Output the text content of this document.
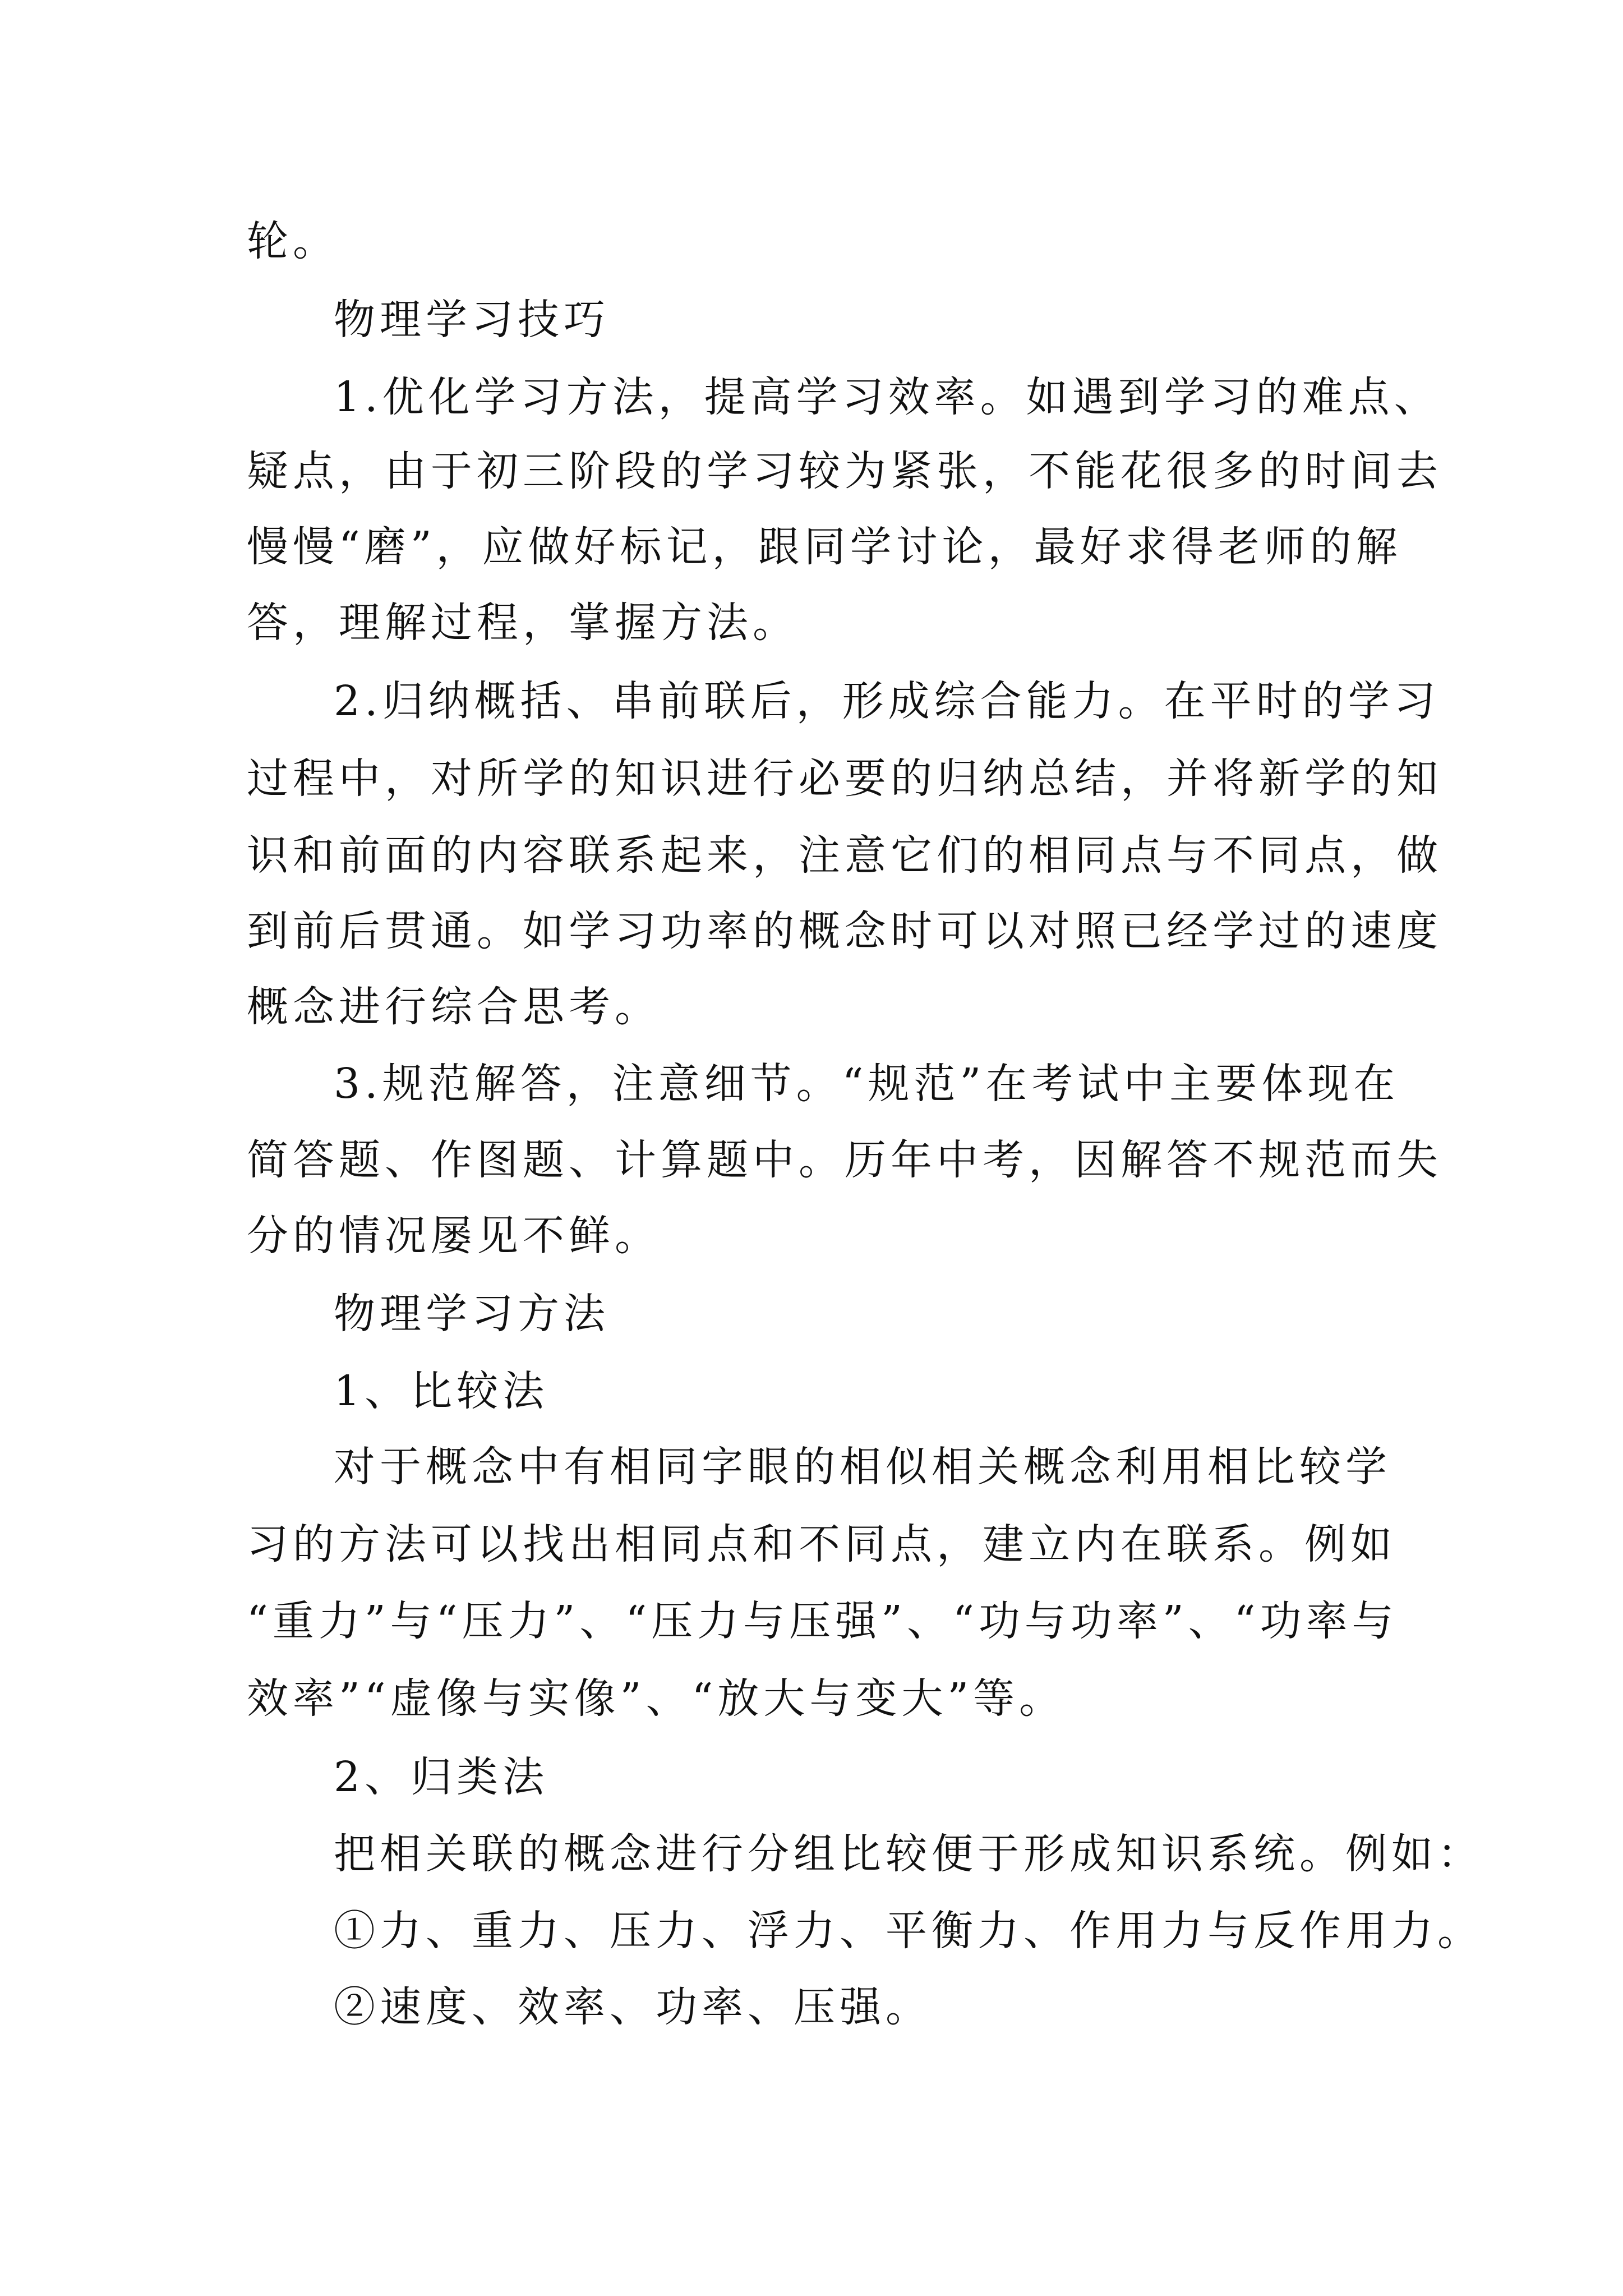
轮。
物理学习技巧
1.优化学习方法，提高学习效率。如遇到学习的难点、
疑点，由于初三阶段的学习较为紧张，不能花很多的时间去
慢慢“磨”，应做好标记，跟同学讨论，最好求得老师的解
答，理解过程，掌握方法。
2.归纳概括、串前联后，形成综合能力。在平时的学习
过程中，对所学的知识进行必要的归纳总结，并将新学的知
识和前面的内容联系起来，注意它们的相同点与不同点，做
到前后贯通。如学习功率的概念时可以对照已经学过的速度
概念进行综合思考。
3.规范解答，注意细节。“规范”在考试中主要体现在
简答题、作图题、计算题中。历年中考，因解答不规范而失
分的情况屡见不鲜。
物理学习方法
1、比较法
对于概念中有相同字眼的相似相关概念利用相比较学
习的方法可以找出相同点和不同点，建立内在联系。例如
“重力”与“压力”、“压力与压强”、“功与功率”、“功率与
效率”“虚像与实像”、“放大与变大”等。
2、归类法
把相关联的概念进行分组比较便于形成知识系统。例如：
①力、重力、压力、浮力、平衡力、作用力与反作用力。
②速度、效率、功率、压强。
